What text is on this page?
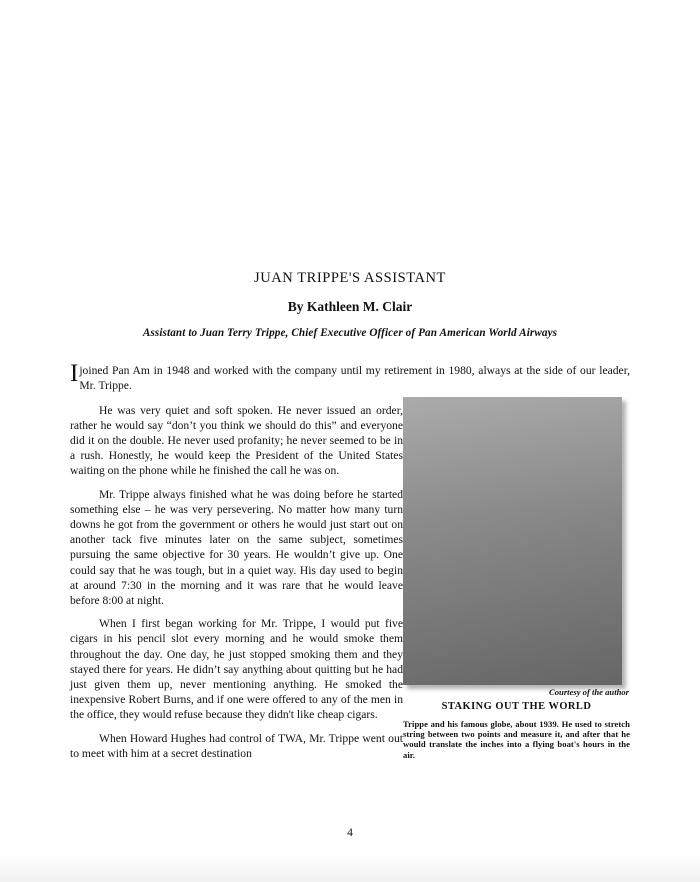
JUAN TRIPPE'S ASSISTANT
By Kathleen M. Clair
Assistant to Juan Terry Trippe, Chief Executive Officer of Pan American World Airways
Courtesy of the author
STAKING OUT THE WORLD
Trippe and his famous globe, about 1939. He used to stretch string between two points and measure it, and after that he would translate the inches into a flying boat's hours in the air.

Ijoined Pan Am in 1948 and worked with the company until my retirement in 1980, always at the side of our leader, Mr. Trippe.

He was very quiet and soft spoken. He never issued an order, rather he would say “don’t you think we should do this” and everyone did it on the double. He never used profanity; he never seemed to be in a rush. Honestly, he would keep the President of the United States waiting on the phone while he finished the call he was on.

Mr. Trippe always finished what he was doing before he started something else – he was very persevering. No matter how many turn downs he got from the government or others he would just start out on another tack five minutes later on the same subject, sometimes pursuing the same objective for 30 years. He wouldn’t give up. One could say that he was tough, but in a quiet way. His day used to begin at around 7:30 in the morning and it was rare that he would leave before 8:00 at night.

When I first began working for Mr. Trippe, I would put five cigars in his pencil slot every morning and he would smoke them throughout the day. One day, he just stopped smoking them and they stayed there for years. He didn’t say anything about quitting but he had just given them up, never mentioning anything. He smoked the inexpensive Robert Burns, and if one were offered to any of the men in the office, they would refuse because they didn't like cheap cigars.

When Howard Hughes had control of TWA, Mr. Trippe went out to meet with him at a secret destination

4
